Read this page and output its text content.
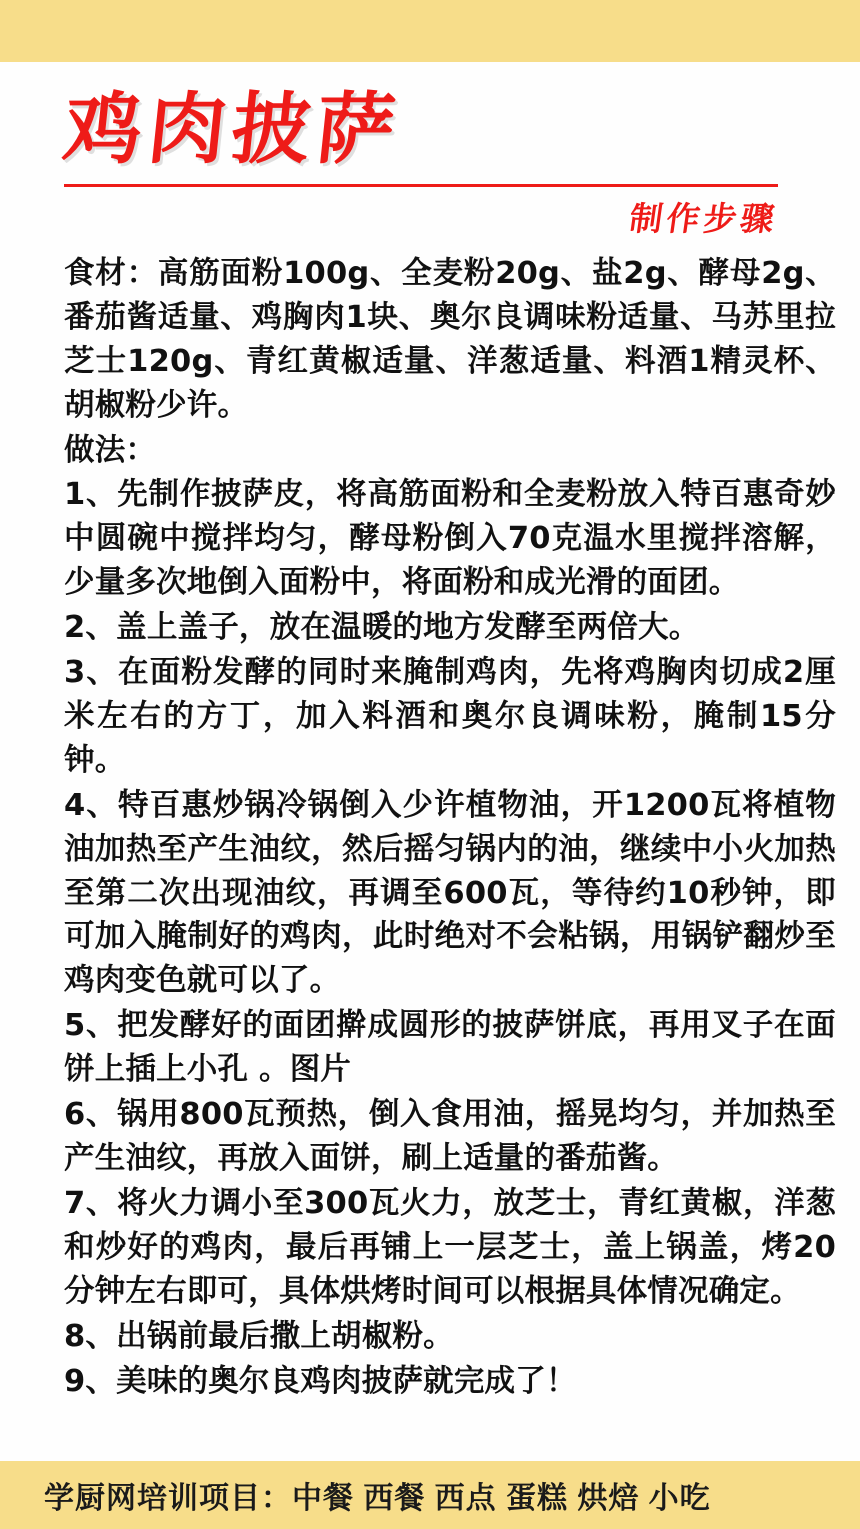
鸡肉披萨
制作步骤

食材：高筋面粉100g、全麦粉20g、盐2g、酵母2g、番茄酱适量、鸡胸肉1块、奥尔良调味粉适量、马苏里拉芝士120g、青红黄椒适量、洋葱适量、料酒1精灵杯、胡椒粉少许。

做法：

1、先制作披萨皮，将高筋面粉和全麦粉放入特百惠奇妙中圆碗中搅拌均匀，酵母粉倒入70克温水里搅拌溶解，少量多次地倒入面粉中，将面粉和成光滑的面团。

2、盖上盖子，放在温暖的地方发酵至两倍大。

3、在面粉发酵的同时来腌制鸡肉，先将鸡胸肉切成2厘米左右的方丁，加入料酒和奥尔良调味粉，腌制15分钟。

4、特百惠炒锅冷锅倒入少许植物油，开1200瓦将植物油加热至产生油纹，然后摇匀锅内的油，继续中小火加热至第二次出现油纹，再调至600瓦，等待约10秒钟，即可加入腌制好的鸡肉，此时绝对不会粘锅，用锅铲翻炒至鸡肉变色就可以了。

5、把发酵好的面团擀成圆形的披萨饼底，再用叉子在面饼上插上小孔 。图片

6、锅用800瓦预热，倒入食用油，摇晃均匀，并加热至产生油纹，再放入面饼，刷上适量的番茄酱。

7、将火力调小至300瓦火力，放芝士，青红黄椒，洋葱和炒好的鸡肉，最后再铺上一层芝士，盖上锅盖，烤20分钟左右即可，具体烘烤时间可以根据具体情况确定。

8、出锅前最后撒上胡椒粉。

9、美味的奥尔良鸡肉披萨就完成了！

学厨网培训项目：中餐 西餐 西点 蛋糕 烘焙 小吃
